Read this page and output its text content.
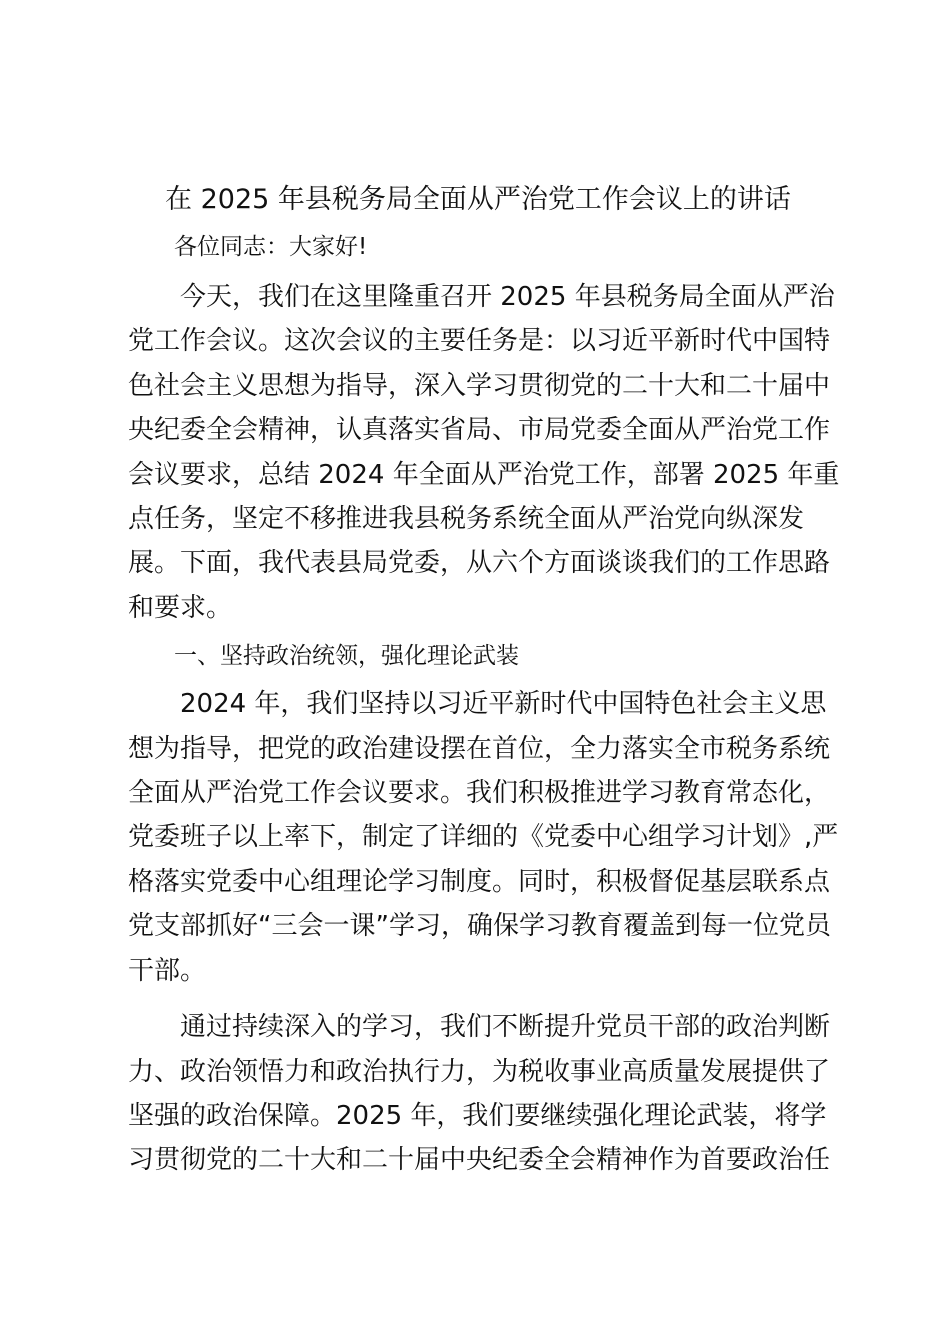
在 2025 年县税务局全面从严治党工作会议上的讲话

各位同志：大家好!

今天，我们在这里隆重召开 2025 年县税务局全面从严治
党工作会议。这次会议的主要任务是：以习近平新时代中国特
色社会主义思想为指导，深入学习贯彻党的二十大和二十届中
央纪委全会精神，认真落实省局、市局党委全面从严治党工作
会议要求，总结 2024 年全面从严治党工作，部署 2025 年重
点任务，坚定不移推进我县税务系统全面从严治党向纵深发
展。下面，我代表县局党委，从六个方面谈谈我们的工作思路
和要求。

一、坚持政治统领，强化理论武装

2024 年，我们坚持以习近平新时代中国特色社会主义思
想为指导，把党的政治建设摆在首位，全力落实全市税务系统
全面从严治党工作会议要求。我们积极推进学习教育常态化，
党委班子以上率下，制定了详细的《党委中心组学习计划》,严
格落实党委中心组理论学习制度。同时，积极督促基层联系点
党支部抓好“三会一课”学习，确保学习教育覆盖到每一位党员
干部。

通过持续深入的学习，我们不断提升党员干部的政治判断
力、政治领悟力和政治执行力，为税收事业高质量发展提供了
坚强的政治保障。2025 年，我们要继续强化理论武装，将学
习贯彻党的二十大和二十届中央纪委全会精神作为首要政治任
